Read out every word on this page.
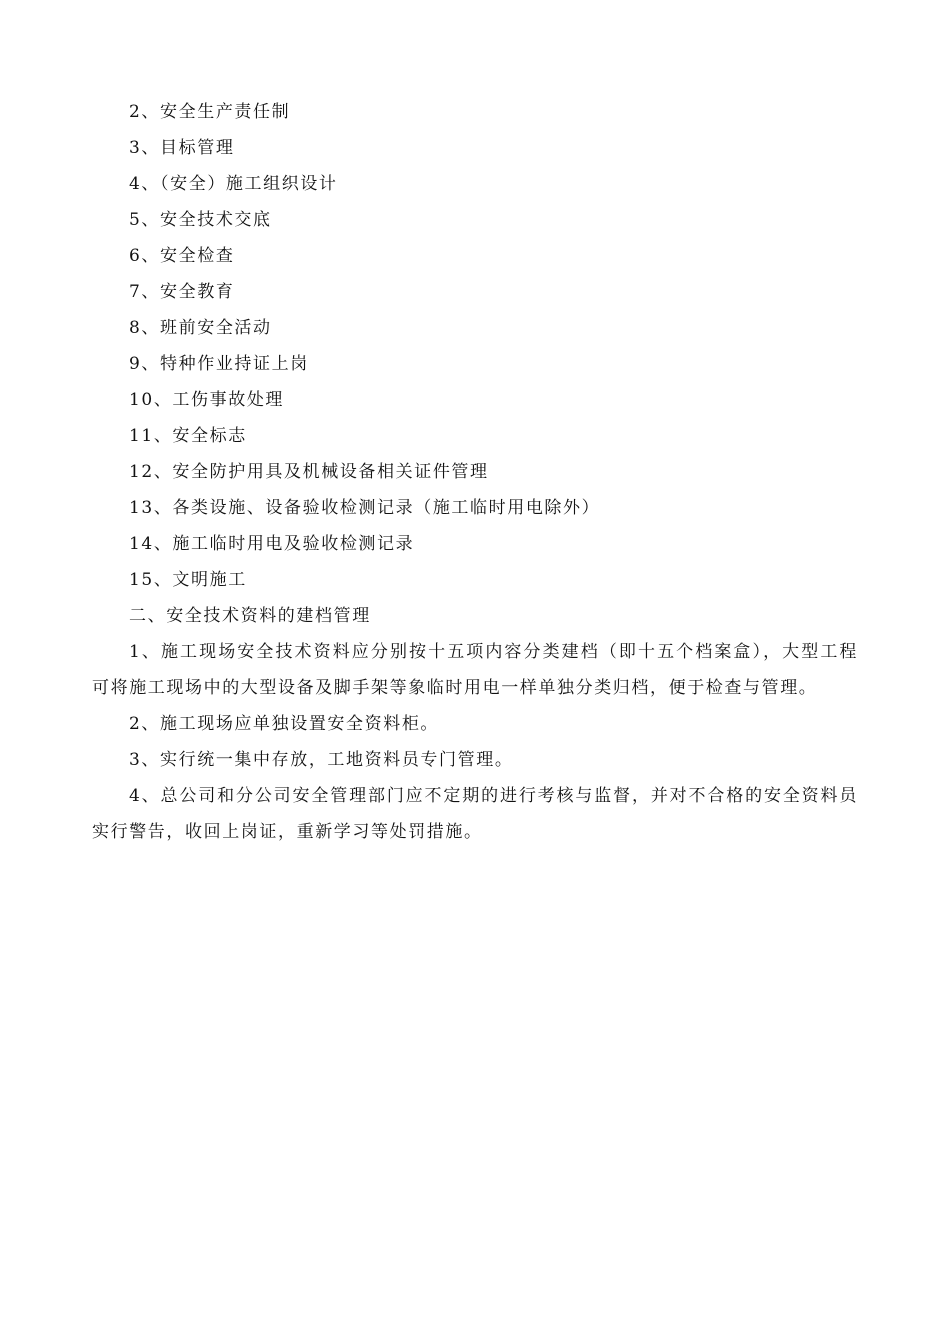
2、安全生产责任制
3、目标管理
4、（安全）施工组织设计
5、安全技术交底
6、安全检查
7、安全教育
8、班前安全活动
9、特种作业持证上岗
10、工伤事故处理
11、安全标志
12、安全防护用具及机械设备相关证件管理
13、各类设施、设备验收检测记录（施工临时用电除外）
14、施工临时用电及验收检测记录
15、文明施工
二、安全技术资料的建档管理

1、施工现场安全技术资料应分别按十五项内容分类建档（即十五个档案盒），大型工程可将施工现场中的大型设备及脚手架等象临时用电一样单独分类归档，便于检查与管理。

2、施工现场应单独设置安全资料柜。

3、实行统一集中存放，工地资料员专门管理。

4、总公司和分公司安全管理部门应不定期的进行考核与监督，并对不合格的安全资料员实行警告，收回上岗证，重新学习等处罚措施。
